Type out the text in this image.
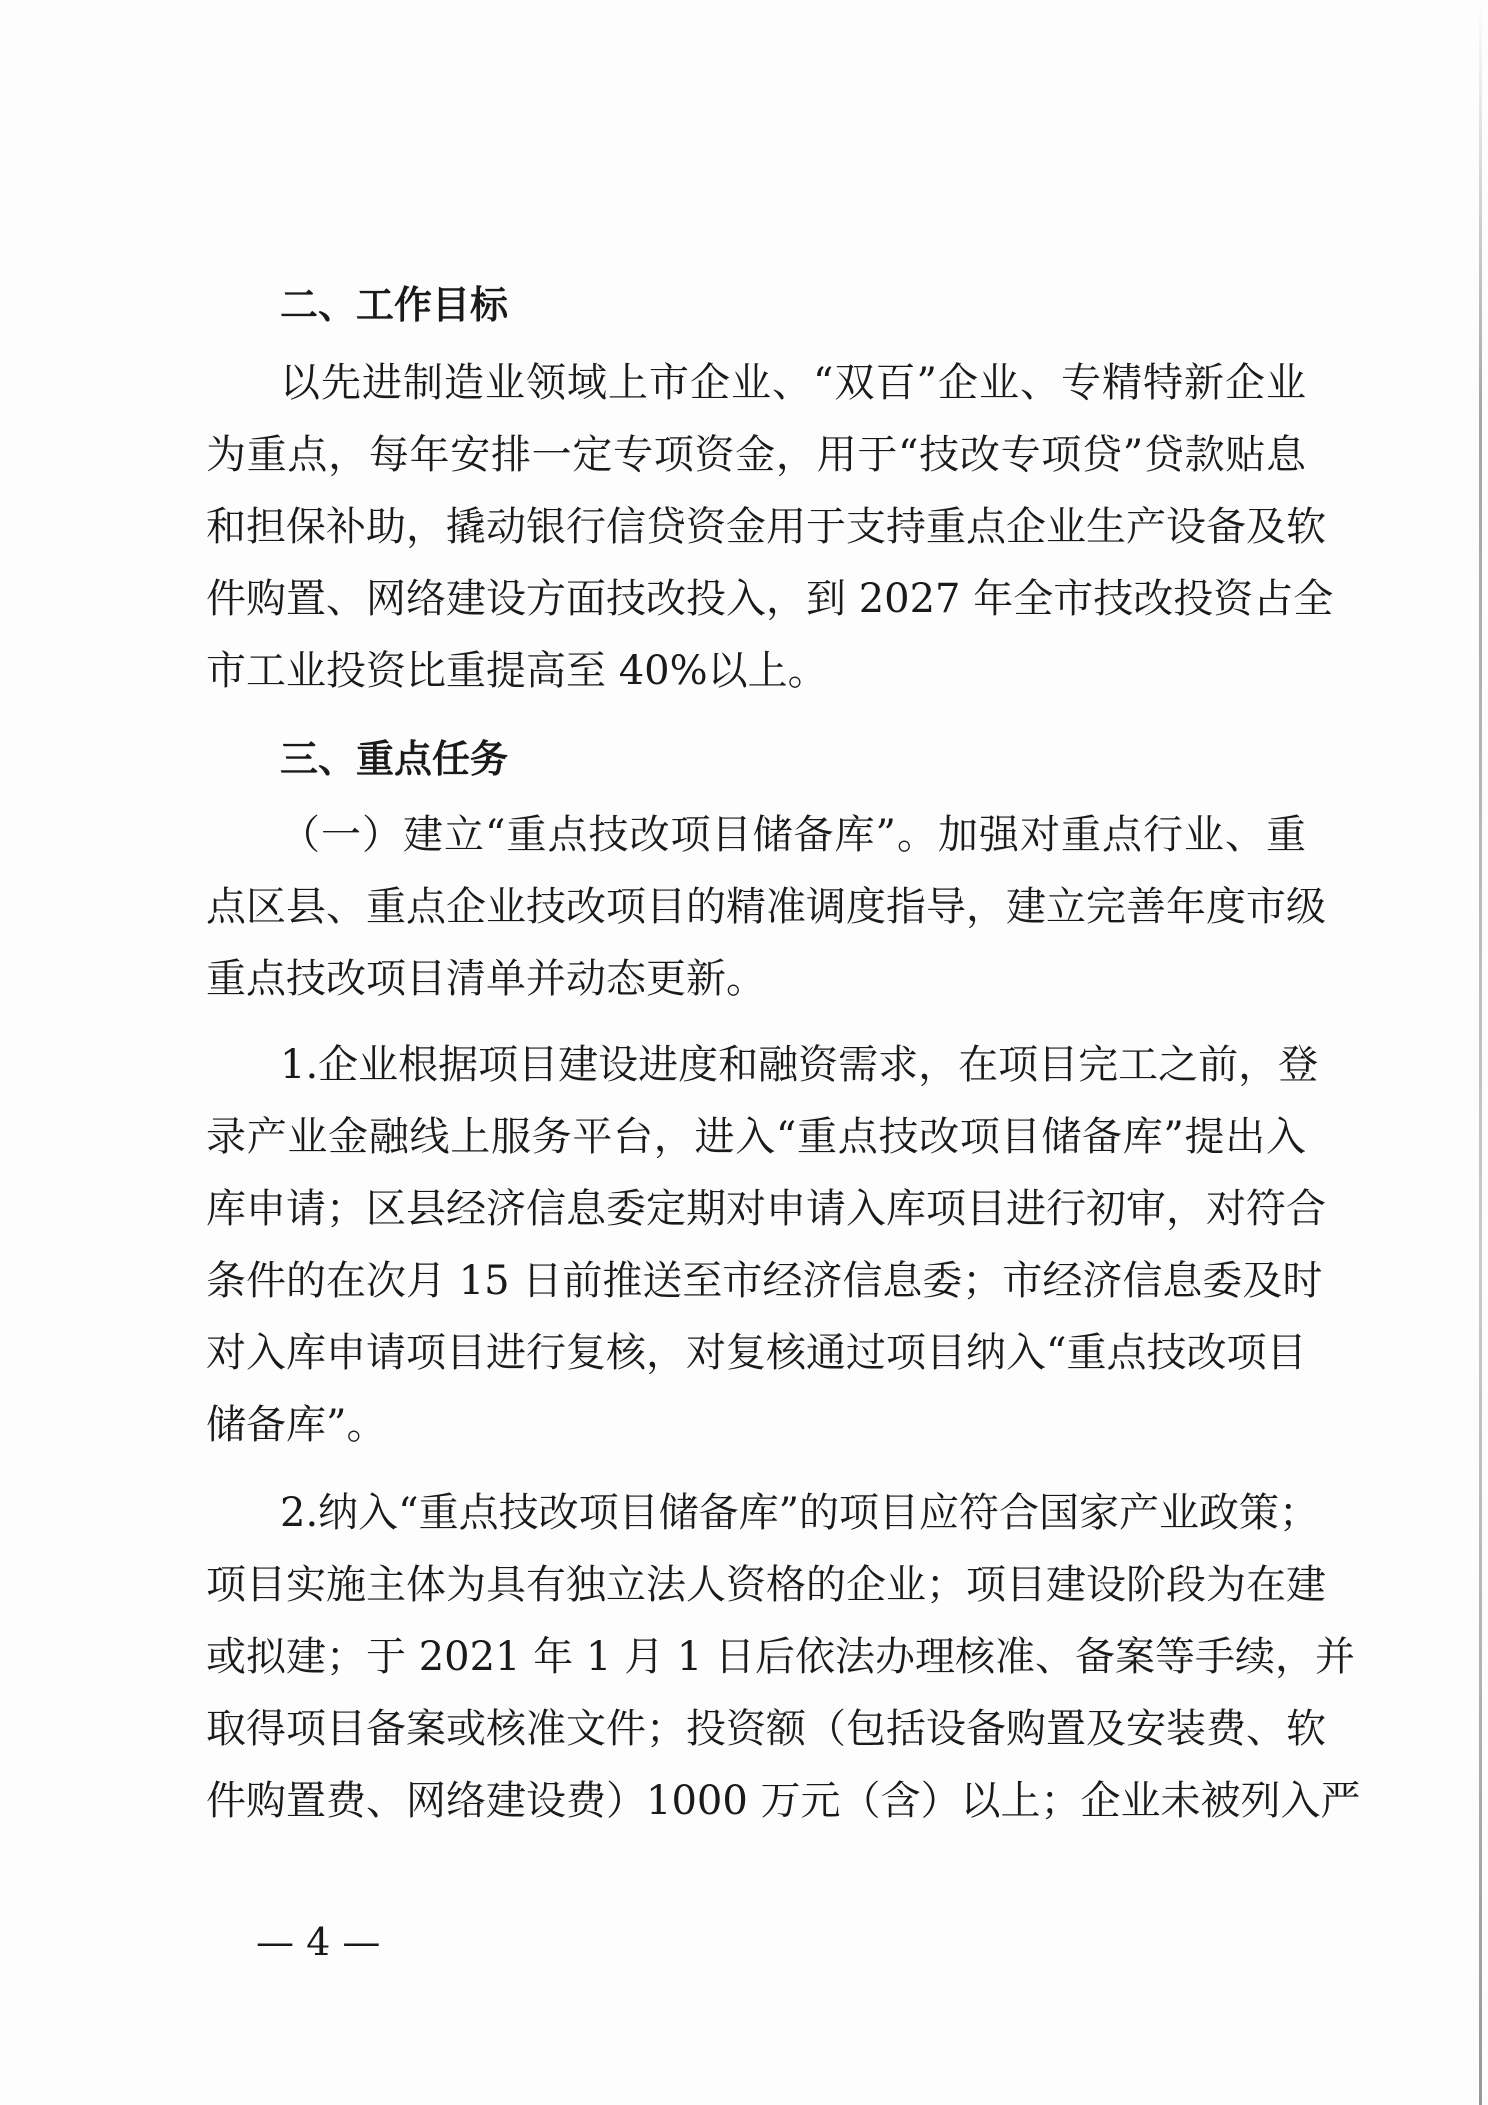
二、工作目标
以先进制造业领域上市企业、“双百”企业、专精特新企业
为重点，每年安排一定专项资金，用于“技改专项贷”贷款贴息
和担保补助，撬动银行信贷资金用于支持重点企业生产设备及软
件购置、网络建设方面技改投入，到 2027 年全市技改投资占全
市工业投资比重提高至 40%以上。
三、重点任务
（一）建立“重点技改项目储备库”。加强对重点行业、重
点区县、重点企业技改项目的精准调度指导，建立完善年度市级
重点技改项目清单并动态更新。
1.企业根据项目建设进度和融资需求，在项目完工之前，登
录产业金融线上服务平台，进入“重点技改项目储备库”提出入
库申请；区县经济信息委定期对申请入库项目进行初审，对符合
条件的在次月 15 日前推送至市经济信息委；市经济信息委及时
对入库申请项目进行复核，对复核通过项目纳入“重点技改项目
储备库”。
2.纳入“重点技改项目储备库”的项目应符合国家产业政策；
项目实施主体为具有独立法人资格的企业；项目建设阶段为在建
或拟建；于 2021 年 1 月 1 日后依法办理核准、备案等手续，并
取得项目备案或核准文件；投资额（包括设备购置及安装费、软
件购置费、网络建设费）1000 万元（含）以上；企业未被列入严
— 4 —
